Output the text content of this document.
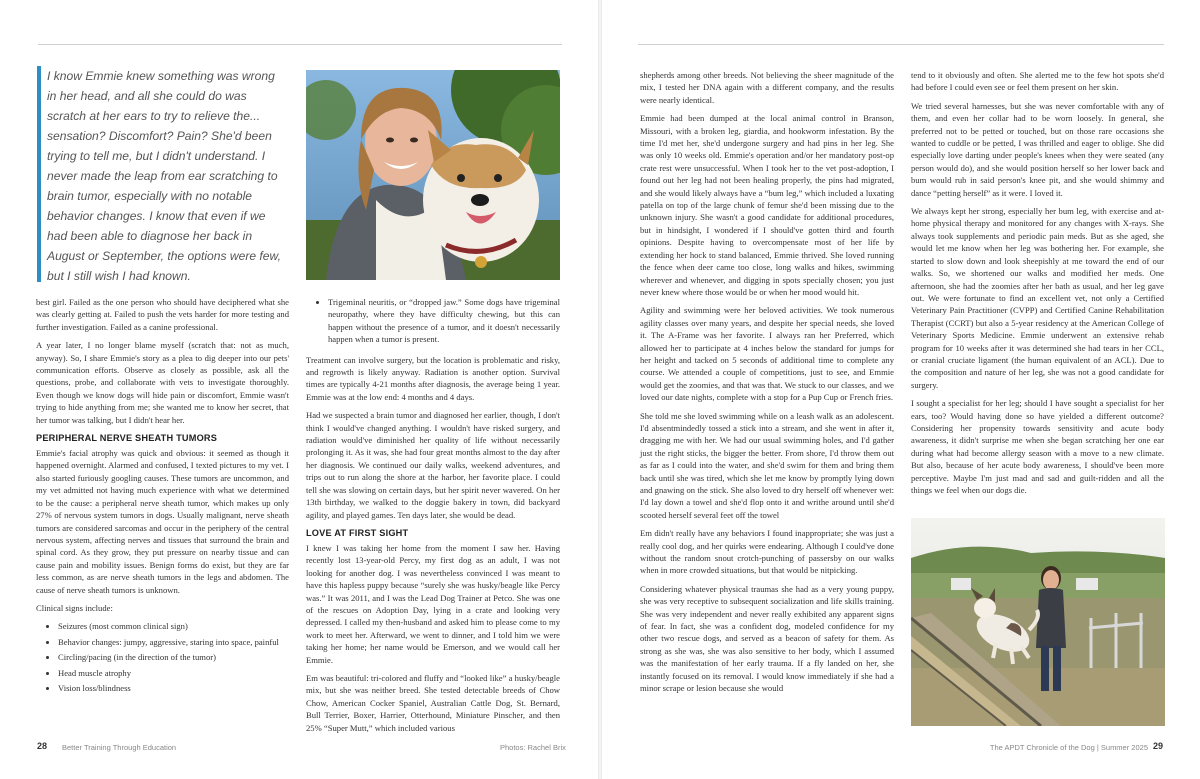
I know Emmie knew something was wrong in her head, and all she could do was scratch at her ears to try to relieve the... sensation? Discomfort? Pain? She'd been trying to tell me, but I didn't understand. I never made the leap from ear scratching to brain tumor, especially with no notable behavior changes. I know that even if we had been able to diagnose her back in August or September, the options were few, but I still wish I had known.

best girl. Failed as the one person who should have deciphered what she was clearly getting at. Failed to push the vets harder for more testing and further investigation. Failed as a canine professional.

A year later, I no longer blame myself (scratch that: not as much, anyway). So, I share Emmie's story as a plea to dig deeper into our pets' communication efforts. Observe as closely as possible, ask all the questions, probe, and collaborate with vets to investigate thoroughly. Even though we know dogs will hide pain or discomfort, Emmie wasn't trying to hide anything from me; she wanted me to know her secret, that her tumor was talking, but I didn't hear her.

PERIPHERAL NERVE SHEATH TUMORS

Emmie's facial atrophy was quick and obvious: it seemed as though it happened overnight. Alarmed and confused, I texted pictures to my vet. I also started furiously googling causes. These tumors are uncommon, and my vet admitted not having much experience with what we determined to be the cause: a peripheral nerve sheath tumor, which makes up only 27% of nervous system tumors in dogs. Usually malignant, nerve sheath tumors are considered sarcomas and occur in the periphery of the central nervous system, affecting nerves and tissues that surround the brain and spinal cord. As they grow, they put pressure on nearby tissue and can cause pain and mobility issues. Benign forms do exist, but they are far less common, as are nerve sheath tumors in the legs and abdomen. The cause of nerve sheath tumors is unknown.

Clinical signs include:

• Seizures (most common clinical sign)
• Behavior changes: jumpy, aggressive, staring into space, painful
• Circling/pacing (in the direction of the tumor)
• Head muscle atrophy
• Vision loss/blindness
• Trigeminal neuritis, or “dropped jaw.” Some dogs have trigeminal neuropathy, where they have difficulty chewing, but this can happen without the presence of a tumor, and it doesn't necessarily happen when a tumor is present.

Treatment can involve surgery, but the location is problematic and risky, and regrowth is likely anyway. Radiation is another option. Survival times are typically 4-21 months after diagnosis, the average being 1 year. Emmie was at the low end: 4 months and 4 days.

Had we suspected a brain tumor and diagnosed her earlier, though, I don't think I would've changed anything. I wouldn't have risked surgery, and radiation would've diminished her quality of life without necessarily prolonging it. As it was, she had four great months almost to the day after her diagnosis. We continued our daily walks, weekend adventures, and trips out to run along the shore at the harbor, her favorite place. I could tell she was slowing on certain days, but her spirit never wavered. On her 13th birthday, we walked to the doggie bakery in town, did backyard agility, and played games. Ten days later, she would be dead.

LOVE AT FIRST SIGHT

I knew I was taking her home from the moment I saw her. Having recently lost 13-year-old Percy, my first dog as an adult, I was not looking for another dog. I was nevertheless convinced I was meant to have this hapless puppy because “surely she was husky/beagle like Percy was.” It was 2011, and I was the Lead Dog Trainer at Petco. She was one of the rescues on Adoption Day, lying in a crate and looking very depressed. I called my then-husband and asked him to please come to my work to meet her. Afterward, we went to dinner, and I told him we were taking her home; her name would be Emerson, and we would call her Emmie.

Em was beautiful: tri-colored and fluffy and “looked like” a husky/beagle mix, but she was neither breed. She tested detectable breeds of Chow Chow, American Cocker Spaniel, Australian Cattle Dog, St. Bernard, Bull Terrier, Boxer, Harrier, Otterhound, Miniature Pinscher, and then 25% “Super Mutt,” which included various

shepherds among other breeds. Not believing the sheer magnitude of the mix, I tested her DNA again with a different company, and the results were nearly identical.

Emmie had been dumped at the local animal control in Branson, Missouri, with a broken leg, giardia, and hookworm infestation. By the time I'd met her, she'd undergone surgery and had pins in her leg. She was only 10 weeks old. Emmie's operation and/or her mandatory post-op crate rest were unsuccessful. When I took her to the vet post-adoption, I found out her leg had not been healing properly, the pins had migrated, and she would likely always have a “bum leg,” which included a luxating patella on top of the large chunk of femur she'd been missing due to the unknown injury. She wasn't a good candidate for additional procedures, but in hindsight, I wondered if I should've gotten third and fourth opinions. Despite having to overcompensate most of her life by extending her hock to stand balanced, Emmie thrived. She loved running the fence when deer came too close, long walks and hikes, swimming wherever and whenever, and digging in spots specially chosen; you just never knew where those would be or when her mood would hit.

Agility and swimming were her beloved activities. We took numerous agility classes over many years, and despite her special needs, she loved it. The A-Frame was her favorite. I always ran her Preferred, which allowed her to participate at 4 inches below the standard for jumps for her height and tacked on 5 seconds of additional time to complete any course. We attended a couple of competitions, just to see, and Emmie would get the zoomies, and that was that. We stuck to our classes, and we loved our date nights, complete with a stop for a Pup Cup or French fries.

She told me she loved swimming while on a leash walk as an adolescent. I'd absentmindedly tossed a stick into a stream, and she went in after it, dragging me with her. We had our usual swimming holes, and I'd gather just the right sticks, the bigger the better. From shore, I'd throw them out as far as I could into the water, and she'd swim for them and bring them back until she was tired, which she let me know by promptly lying down and gnawing on the stick. She also loved to dry herself off whenever wet: I'd lay down a towel and she'd flop onto it and writhe around until she'd scooted herself several feet off the towel

Em didn't really have any behaviors I found inappropriate; she was just a really cool dog, and her quirks were endearing. Although I could've done without the random snout crotch-punching of passersby on our walks when in more crowded situations, but that would be nitpicking.

Considering whatever physical traumas she had as a very young puppy, she was very receptive to subsequent socialization and life skills training. She was very independent and never really exhibited any apparent signs of fear. In fact, she was a confident dog, modeled confidence for my other two rescue dogs, and served as a beacon of safety for them. As strong as she was, she was also sensitive to her body, which I assumed was the manifestation of her early trauma. If a fly landed on her, she instantly focused on its removal. I would know immediately if she had a minor scrape or lesion because she would

tend to it obviously and often. She alerted me to the few hot spots she'd had before I could even see or feel them present on her skin.

We tried several harnesses, but she was never comfortable with any of them, and even her collar had to be worn loosely. In general, she preferred not to be petted or touched, but on those rare occasions she wanted to cuddle or be petted, I was thrilled and eager to oblige. She did especially love darting under people's knees when they were seated (any person would do), and she would position herself so her lower back and bum would rub in said person's knee pit, and she would shimmy and dance “petting herself” as it were. I loved it.

We always kept her strong, especially her bum leg, with exercise and at-home physical therapy and monitored for any changes with X-rays. She always took supplements and periodic pain meds. But as she aged, she would let me know when her leg was bothering her. For example, she started to slow down and look sheepishly at me toward the end of our walks. So, we shortened our walks and modified her meds. One afternoon, she had the zoomies after her bath as usual, and her leg gave out. We were fortunate to find an excellent vet, not only a Certified Veterinary Pain Practitioner (CVPP) and Certified Canine Rehabilitation Therapist (CCRT) but also a 5-year residency at the American College of Veterinary Sports Medicine. Emmie underwent an extensive rehab program for 10 weeks after it was determined she had tears in her CCL, or cranial cruciate ligament (the human equivalent of an ACL). Due to the composition and nature of her leg, she was not a good candidate for surgery.

I sought a specialist for her leg; should I have sought a specialist for her ears, too? Would having done so have yielded a different outcome? Considering her propensity towards sensitivity and acute body awareness, it didn't surprise me when she began scratching her one ear during what had become allergy season with a move to a new climate. But also, because of her acute body awareness, I should've been more perceptive. Maybe I'm just mad and sad and guilt-ridden and all the things we feel when our dogs die.

28 Better Training Through Education	Photos: Rachel Brix	The APDT Chronicle of the Dog | Summer 2025 29
